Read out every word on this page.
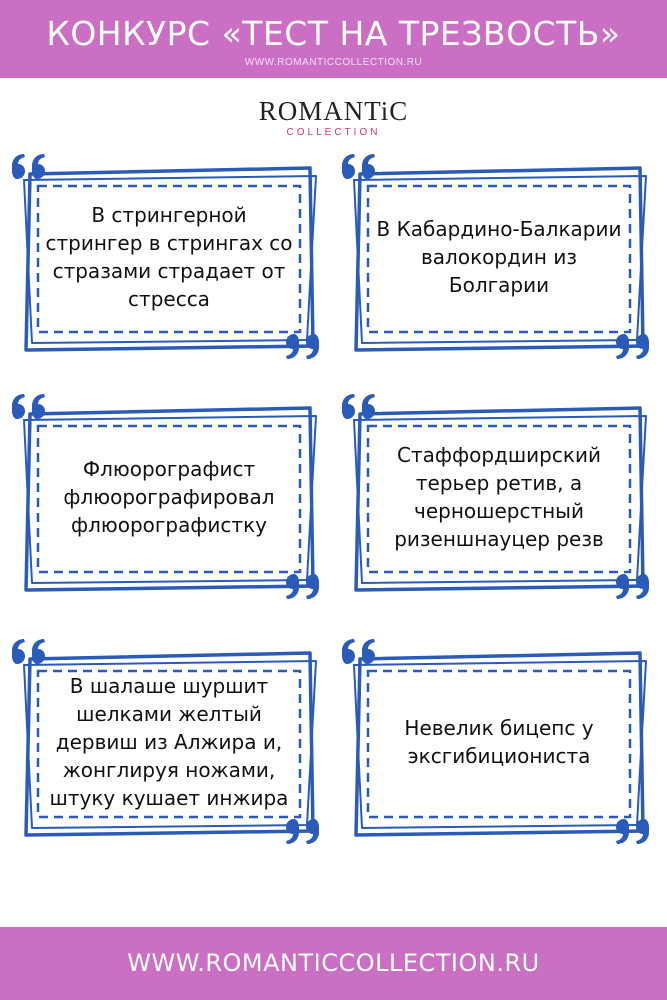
КОНКУРС «ТЕСТ НА ТРЕЗВОСТЬ»
WWW.ROMANTICCOLLECTION.RU
ROMANTiC
COLLECTION
В стрингерной стрингер в стрингах со стразами страдает от стресса
В Кабардино-Балкарии валокордин из Болгарии
Флюорографист флюорографировал флюорографистку
Стаффордширский терьер ретив, а черношерстный ризеншнауцер резв
В шалаше шуршит шелками желтый дервиш из Алжира и, жонглируя ножами, штуку кушает инжира
Невелик бицепс у эксгибициониста
WWW.ROMANTICCOLLECTION.RU
